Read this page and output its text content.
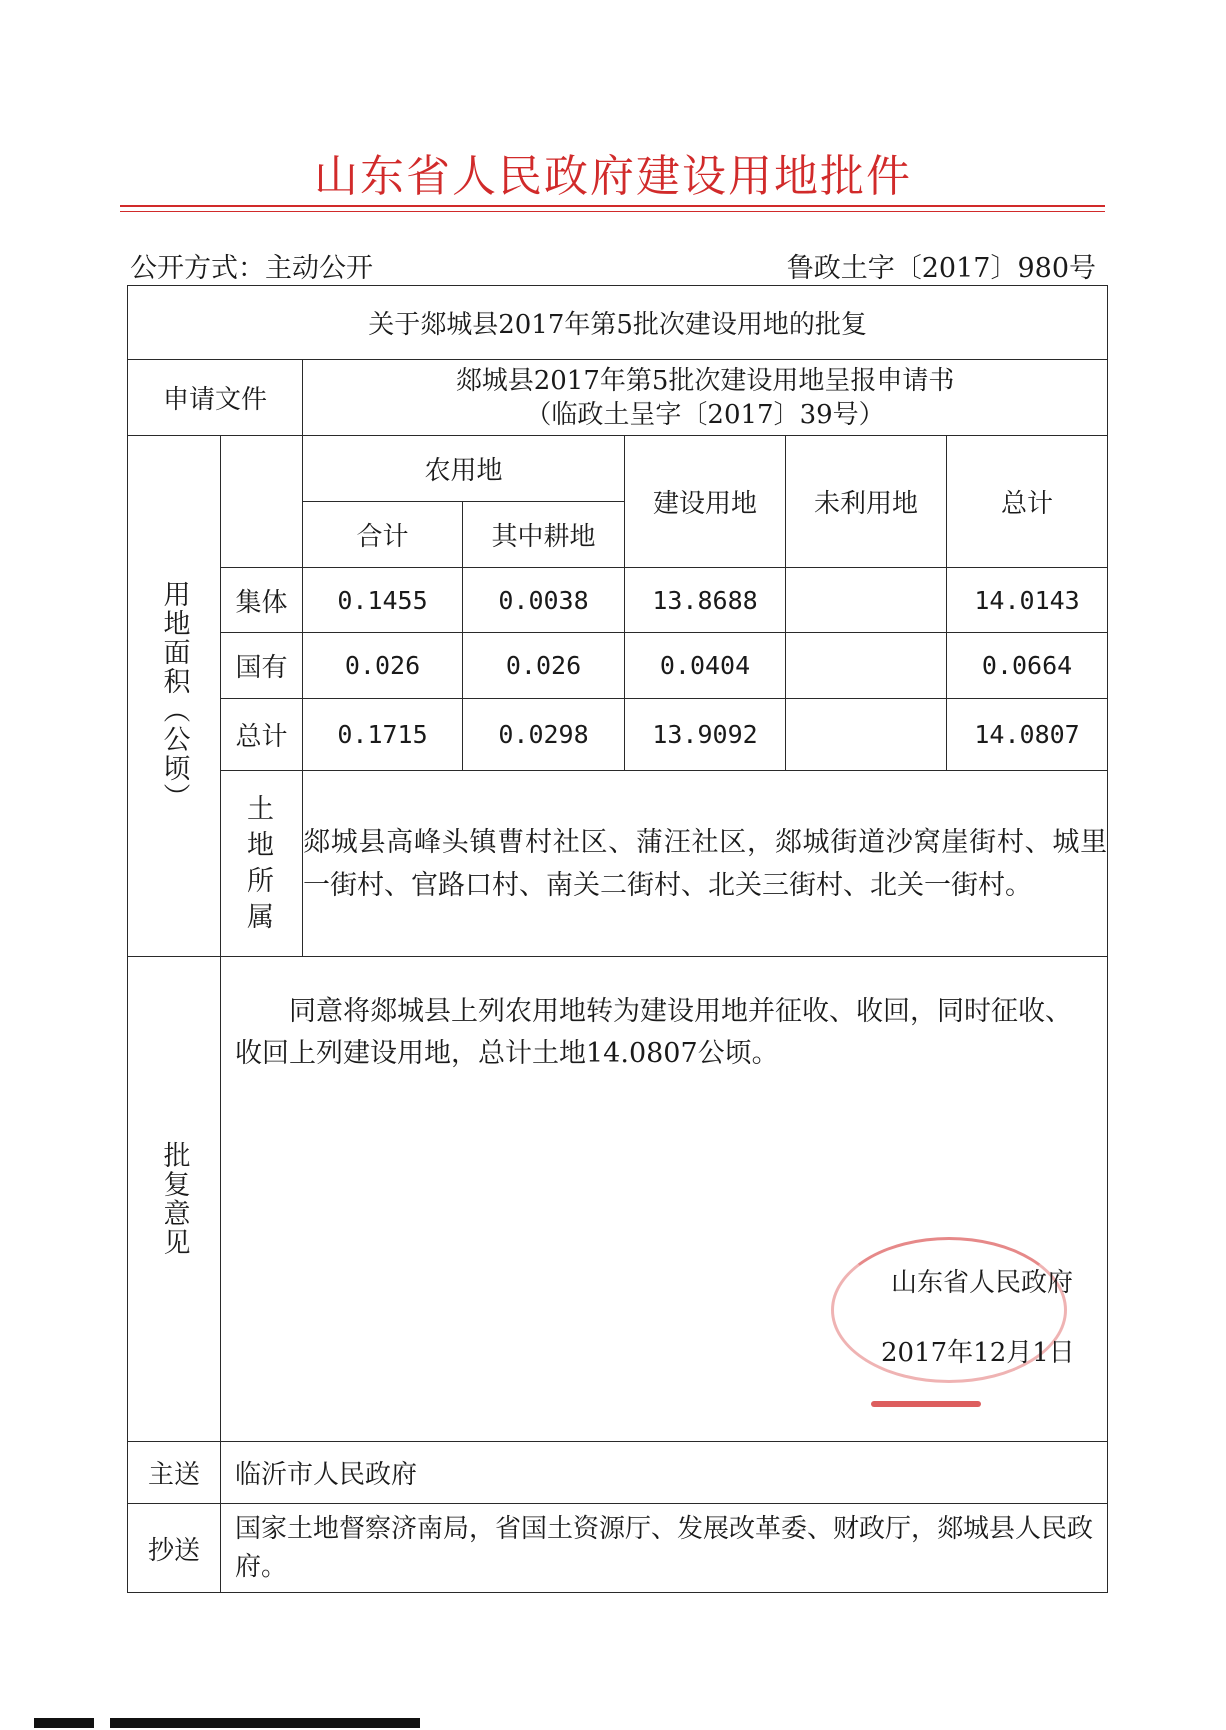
山东省人民政府建设用地批件
公开方式：主动公开	鲁政土字〔2017〕980号
关于郯城县2017年第5批次建设用地的批复						
申请文件		郯城县2017年第5批次建设用地呈报申请书
（临政土呈字〔2017〕39号）				

用地面积（公顷）		农用地		建设用地	未利用地	总计
		合计	其中耕地			
	集体	0.1455	0.0038	13.8688		14.0143
	国有	0.026	0.026	0.0404		0.0664
	总计	0.1715	0.0298	13.9092		14.0807

	土地所属	郯城县高峰头镇曹村社区、蒲汪社区，郯城街道沙窝崖街村、城里一街村、官路口村、南关二街村、北关三街村、北关一街村。				

批复意见	同意将郯城县上列农用地转为建设用地并征收、收回，同时征收、收回上列建设用地，总计土地14.0807公顷。
山东省人民政府
2017年12月1日					

主送	临沂市人民政府					
抄送	国家土地督察济南局，省国土资源厅、发展改革委、财政厅，郯城县人民政府。					
